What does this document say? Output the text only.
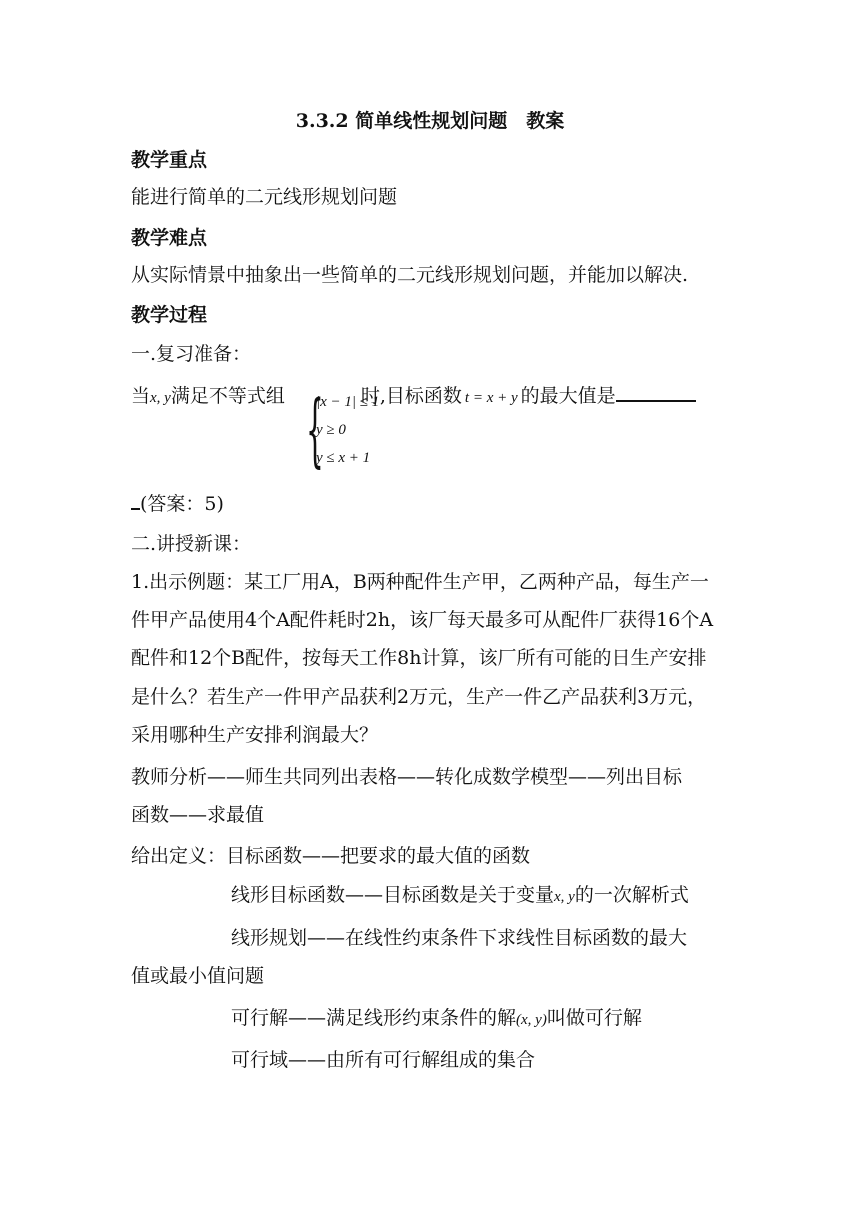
3.3.2 简单线性规划问题　教案
教学重点
能进行简单的二元线形规划问题
教学难点
从实际情景中抽象出一些简单的二元线形规划问题，并能加以解决.
教学过程
一.复习准备：
当x, y满足不等式组	时,目标函数 t = x + y 的最大值是
{
|x − 1| ≤ 1
y ≥ 0
y ≤ x + 1
(答案：5)
二.讲授新课：
1.出示例题：某工厂用A，B两种配件生产甲，乙两种产品，每生产一
件甲产品使用4个A配件耗时2h，该厂每天最多可从配件厂获得16个A
配件和12个B配件，按每天工作8h计算，该厂所有可能的日生产安排
是什么？若生产一件甲产品获利2万元，生产一件乙产品获利3万元，
采用哪种生产安排利润最大？
教师分析——师生共同列出表格——转化成数学模型——列出目标
函数——求最值
给出定义：目标函数——把要求的最大值的函数
线形目标函数——目标函数是关于变量x, y的一次解析式
线形规划——在线性约束条件下求线性目标函数的最大
值或最小值问题
可行解——满足线形约束条件的解(x, y)叫做可行解
可行域——由所有可行解组成的集合
